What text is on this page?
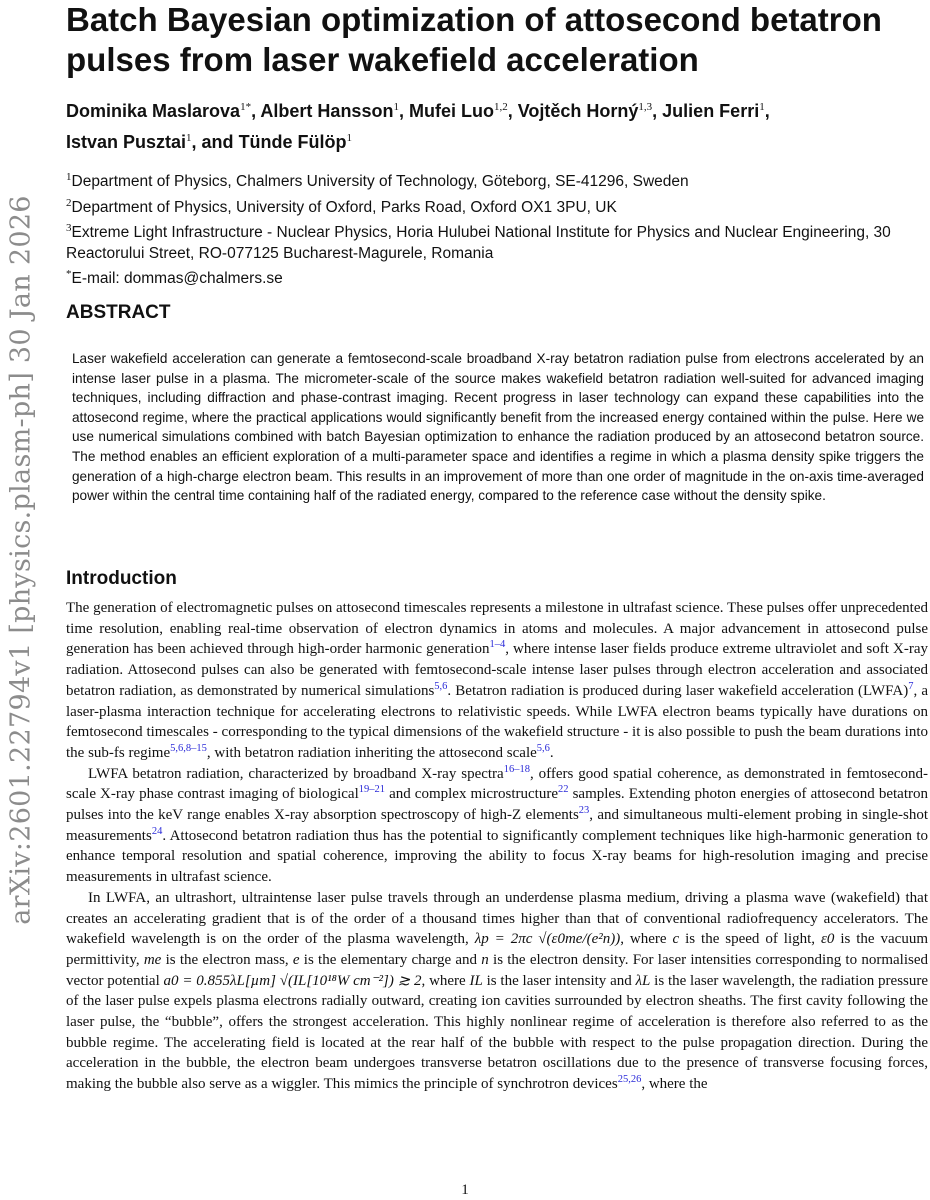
arXiv:2601.22794v1 [physics.plasm-ph] 30 Jan 2026
Batch Bayesian optimization of attosecond betatron pulses from laser wakefield acceleration
Dominika Maslarova$^{1*}$, Albert Hansson$^1$, Mufei Luo$^{1,2}$, Vojtěch Horný$^{1,3}$, Julien Ferri$^1$,
Istvan Pusztai$^1$, and Tünde Fülöp$^1$

$^1$Department of Physics, Chalmers University of Technology, Göteborg, SE-41296, Sweden

$^2$Department of Physics, University of Oxford, Parks Road, Oxford OX1 3PU, UK

$^3$Extreme Light Infrastructure - Nuclear Physics, Horia Hulubei National Institute for Physics and Nuclear Engineering, 30 Reactorului Street, RO-077125 Bucharest-Magurele, Romania

*E-mail: dommas@chalmers.se

ABSTRACT

Laser wakefield acceleration can generate a femtosecond-scale broadband X-ray betatron radiation pulse from electrons accelerated by an intense laser pulse in a plasma. The micrometer-scale of the source makes wakefield betatron radiation well-suited for advanced imaging techniques, including diffraction and phase-contrast imaging. Recent progress in laser technology can expand these capabilities into the attosecond regime, where the practical applications would significantly benefit from the increased energy contained within the pulse. Here we use numerical simulations combined with batch Bayesian optimization to enhance the radiation produced by an attosecond betatron source. The method enables an efficient exploration of a multi-parameter space and identifies a regime in which a plasma density spike triggers the generation of a high-charge electron beam. This results in an improvement of more than one order of magnitude in the on-axis time-averaged power within the central time containing half of the radiated energy, compared to the reference case without the density spike.

Introduction

The generation of electromagnetic pulses on attosecond timescales represents a milestone in ultrafast science. These pulses offer unprecedented time resolution, enabling real-time observation of electron dynamics in atoms and molecules. A major advancement in attosecond pulse generation has been achieved through high-order harmonic generation$^{1-4}$, where intense laser fields produce extreme ultraviolet and soft X-ray radiation. Attosecond pulses can also be generated with femtosecond-scale intense laser pulses through electron acceleration and associated betatron radiation, as demonstrated by numerical simulations$^{5,6}$. Betatron radiation is produced during laser wakefield acceleration (LWFA)$^7$, a laser-plasma interaction technique for accelerating electrons to relativistic speeds. While LWFA electron beams typically have durations on femtosecond timescales - corresponding to the typical dimensions of the wakefield structure - it is also possible to push the beam durations into the sub-fs regime$^{5,6,8-15}$, with betatron radiation inheriting the attosecond scale$^{5,6}$.

LWFA betatron radiation, characterized by broadband X-ray spectra$^{16-18}$, offers good spatial coherence, as demonstrated in femtosecond-scale X-ray phase contrast imaging of biological$^{19-21}$ and complex microstructure$^{22}$ samples. Extending photon energies of attosecond betatron pulses into the keV range enables X-ray absorption spectroscopy of high-Z elements$^{23}$, and simultaneous multi-element probing in single-shot measurements$^{24}$. Attosecond betatron radiation thus has the potential to significantly complement techniques like high-harmonic generation to enhance temporal resolution and spatial coherence, improving the ability to focus X-ray beams for high-resolution imaging and precise measurements in ultrafast science.

In LWFA, an ultrashort, ultraintense laser pulse travels through an underdense plasma medium, driving a plasma wave (wakefield) that creates an accelerating gradient that is of the order of a thousand times higher than that of conventional radiofrequency accelerators. The wakefield wavelength is on the order of the plasma wavelength, λp = 2πc √(ε0me/(e²n)), where c is the speed of light, ε0 is the vacuum permittivity, me is the electron mass, e is the elementary charge and n is the electron density. For laser intensities corresponding to normalised vector potential a0 = 0.855λL[µm] √(IL[10¹⁸W cm⁻²]) ≳ 2, where IL is the laser intensity and λL is the laser wavelength, the radiation pressure of the laser pulse expels plasma electrons radially outward, creating ion cavities surrounded by electron sheaths. The first cavity following the laser pulse, the “bubble”, offers the strongest acceleration. This highly nonlinear regime of acceleration is therefore also referred to as the bubble regime. The accelerating field is located at the rear half of the bubble with respect to the pulse propagation direction. During the acceleration in the bubble, the electron beam undergoes transverse betatron oscillations due to the presence of transverse focusing forces, making the bubble also serve as a wiggler. This mimics the principle of synchrotron devices$^{25,26}$, where the

1
